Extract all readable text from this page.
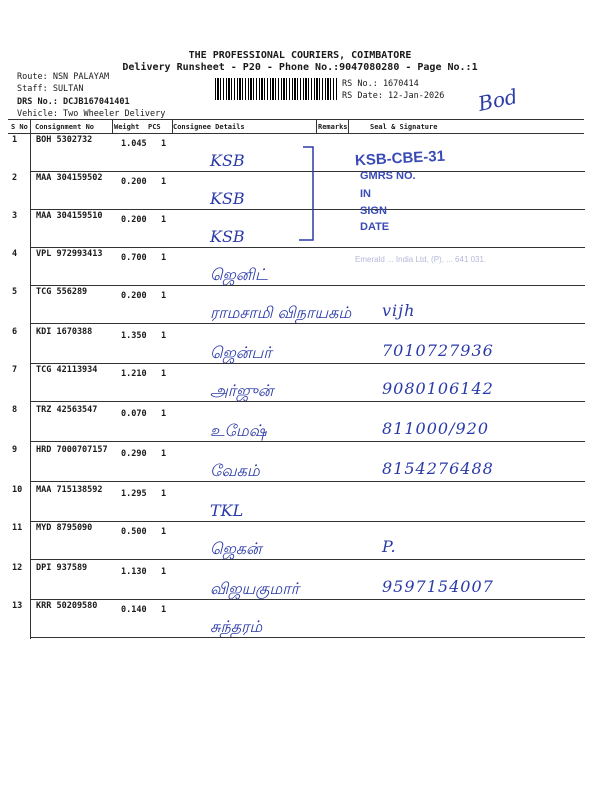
THE PROFESSIONAL COURIERS, COIMBATORE
Delivery Runsheet - P20 - Phone No.:9047080280 - Page No.:1
Route: NSN PALAYAM
Staff: SULTAN
DRS No.: DCJB167041401
Vehicle: Two Wheeler Delivery
RS No.: 1670414
RS Date: 12-Jan-2026 Bod
S No Consignment No	Weight PCS Consignee Details	Remarks	Seal & Signature
1 BOH 5302732	1.045 1
KSB
2 MAA 304159502 0.200 1
KSB
3 MAA 304159510 0.200 1
KSB
4 VPL 972993413 0.700 1
ஜெனிட்
5 TCG 556289	0.200 1
ராமசாமி விநாயகம் vijh
6 KDI 1670388	1.350 1
ஜென்பர்	7010727936
7 TCG 42113934	1.210 1
அர்ஜுன்	9080106142
8 TRZ 42563547	0.070 1
உமேஷ்	811000/920
9 HRD 7000707157 0.290 1
வேகம்	8154276488
10 MAA 715138592 1.295 1
TKL
11 MYD 8795090	0.500 1
ஜெகன்	P.
12 DPI 937589	1.130 1
விஜயகுமார்	9597154007
13 KRR 50209580	0.140 1
சுந்தரம்
KSB-CBE-31
GMRS NO.
IN
SIGN
DATE
Emerald ... India Ltd, (P), ... 641 031.
